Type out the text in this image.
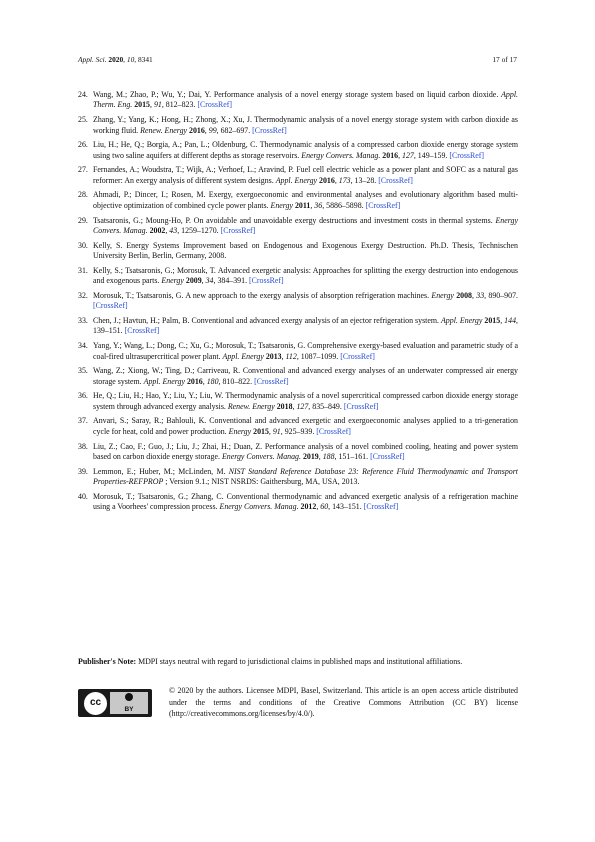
Appl. Sci. 2020, 10, 8341	17 of 17
24. Wang, M.; Zhao, P.; Wu, Y.; Dai, Y. Performance analysis of a novel energy storage system based on liquid carbon dioxide. Appl. Therm. Eng. 2015, 91, 812–823. [CrossRef]
25. Zhang, Y.; Yang, K.; Hong, H.; Zhong, X.; Xu, J. Thermodynamic analysis of a novel energy storage system with carbon dioxide as working fluid. Renew. Energy 2016, 99, 682–697. [CrossRef]
26. Liu, H.; He, Q.; Borgia, A.; Pan, L.; Oldenburg, C. Thermodynamic analysis of a compressed carbon dioxide energy storage system using two saline aquifers at different depths as storage reservoirs. Energy Convers. Manag. 2016, 127, 149–159. [CrossRef]
27. Fernandes, A.; Woudstra, T.; Wijk, A.; Verhoef, L.; Aravind, P. Fuel cell electric vehicle as a power plant and SOFC as a natural gas reformer: An exergy analysis of different system designs. Appl. Energy 2016, 173, 13–28. [CrossRef]
28. Ahmadi, P.; Dincer, I.; Rosen, M. Exergy, exergoeconomic and environmental analyses and evolutionary algorithm based multi-objective optimization of combined cycle power plants. Energy 2011, 36, 5886–5898. [CrossRef]
29. Tsatsaronis, G.; Moung-Ho, P. On avoidable and unavoidable exergy destructions and investment costs in thermal systems. Energy Convers. Manag. 2002, 43, 1259–1270. [CrossRef]
30. Kelly, S. Energy Systems Improvement based on Endogenous and Exogenous Exergy Destruction. Ph.D. Thesis, Technischen University Berlin, Berlin, Germany, 2008.
31. Kelly, S.; Tsatsaronis, G.; Morosuk, T. Advanced exergetic analysis: Approaches for splitting the exergy destruction into endogenous and exogenous parts. Energy 2009, 34, 384–391. [CrossRef]
32. Morosuk, T.; Tsatsaronis, G. A new approach to the exergy analysis of absorption refrigeration machines. Energy 2008, 33, 890–907. [CrossRef]
33. Chen, J.; Havtun, H.; Palm, B. Conventional and advanced exergy analysis of an ejector refrigeration system. Appl. Energy 2015, 144, 139–151. [CrossRef]
34. Yang, Y.; Wang, L.; Dong, C.; Xu, G.; Morosuk, T.; Tsatsaronis, G. Comprehensive exergy-based evaluation and parametric study of a coal-fired ultrasupercritical power plant. Appl. Energy 2013, 112, 1087–1099. [CrossRef]
35. Wang, Z.; Xiong, W.; Ting, D.; Carriveau, R. Conventional and advanced exergy analyses of an underwater compressed air energy storage system. Appl. Energy 2016, 180, 810–822. [CrossRef]
36. He, Q.; Liu, H.; Hao, Y.; Liu, Y.; Liu, W. Thermodynamic analysis of a novel supercritical compressed carbon dioxide energy storage system through advanced exergy analysis. Renew. Energy 2018, 127, 835–849. [CrossRef]
37. Anvari, S.; Saray, R.; Bahlouli, K. Conventional and advanced exergetic and exergoeconomic analyses applied to a tri-generation cycle for heat, cold and power production. Energy 2015, 91, 925–939. [CrossRef]
38. Liu, Z.; Cao, F.; Guo, J.; Liu, J.; Zhai, H.; Duan, Z. Performance analysis of a novel combined cooling, heating and power system based on carbon dioxide energy storage. Energy Convers. Manag. 2019, 188, 151–161. [CrossRef]
39. Lemmon, E.; Huber, M.; McLinden, M. NIST Standard Reference Database 23: Reference Fluid Thermodynamic and Transport Properties-REFPROP ; Version 9.1.; NIST NSRDS: Gaithersburg, MA, USA, 2013.
40. Morosuk, T.; Tsatsaronis, G.; Zhang, C. Conventional thermodynamic and advanced exergetic analysis of a refrigeration machine using a Voorhees' compression process. Energy Convers. Manag. 2012, 60, 143–151. [CrossRef]
Publisher's Note: MDPI stays neutral with regard to jurisdictional claims in published maps and institutional affiliations.
cc
BY
© 2020 by the authors. Licensee MDPI, Basel, Switzerland. This article is an open access article distributed under the terms and conditions of the Creative Commons Attribution (CC BY) license (http://creativecommons.org/licenses/by/4.0/).
